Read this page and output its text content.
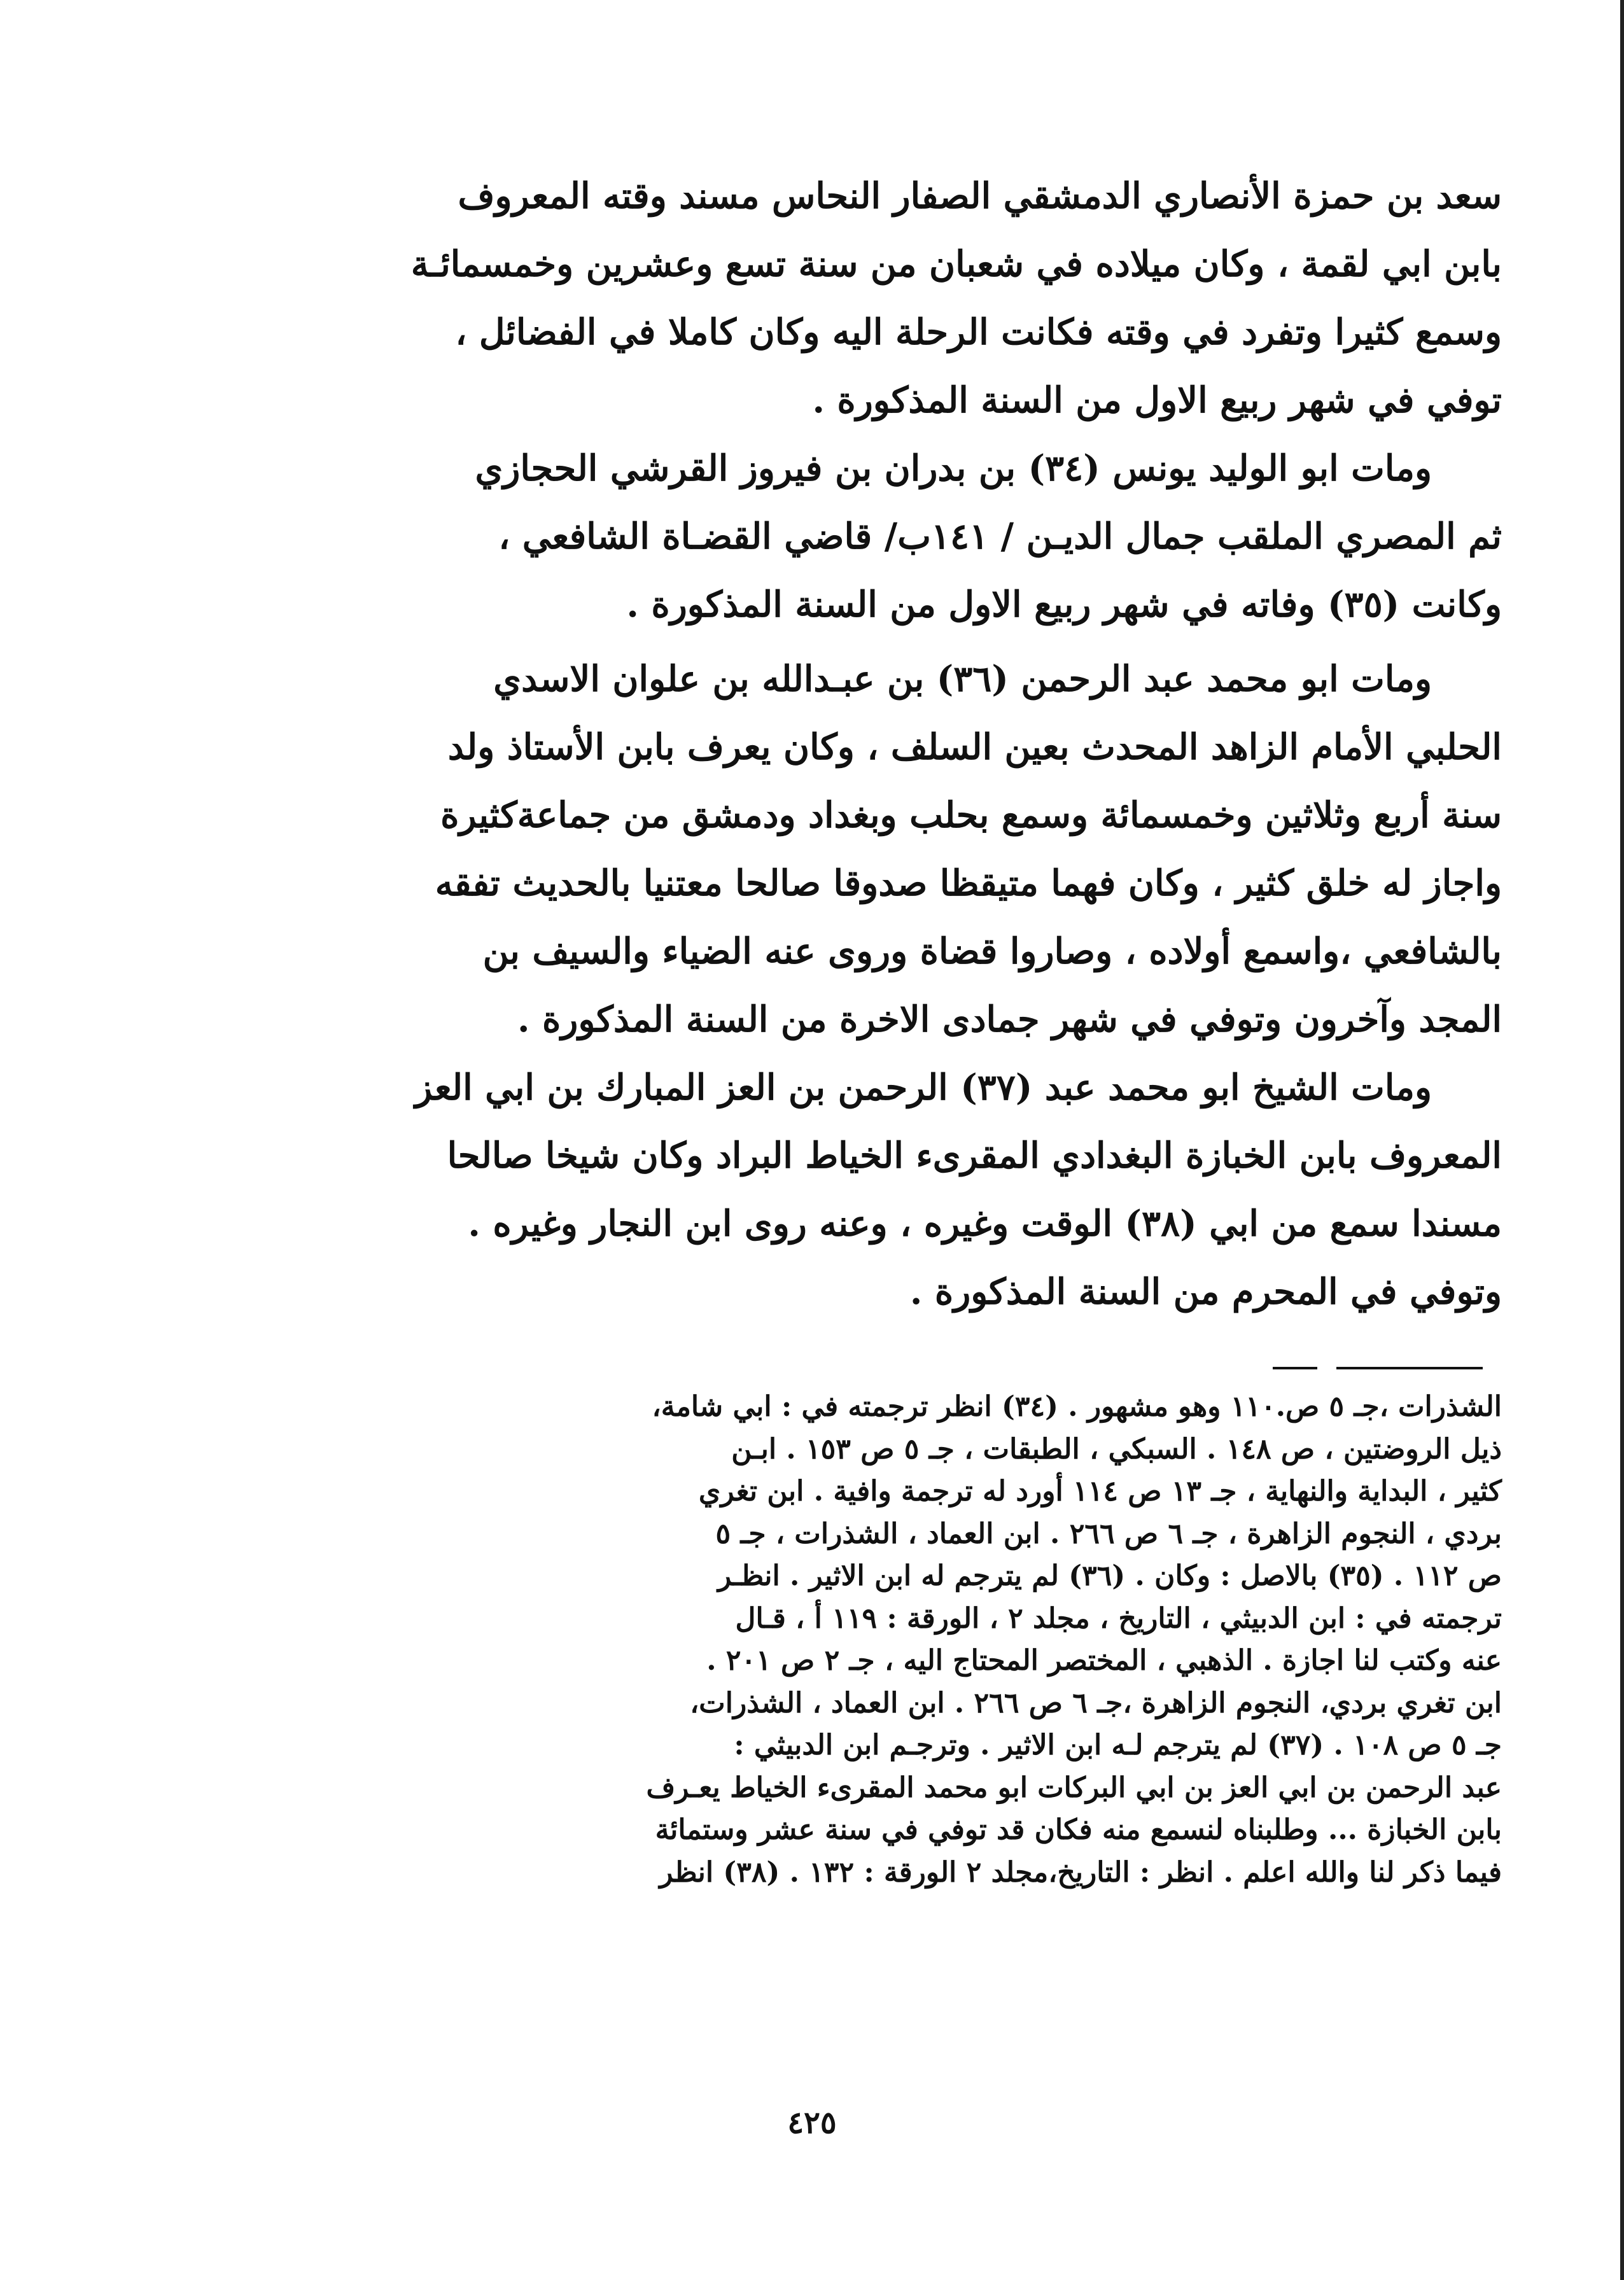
سعد بن حمزة الأنصاري الدمشقي الصفار النحاس مسند وقته المعروف
بابن ابي لقمة ، وكان ميلاده في شعبان من سنة تسع وعشرين وخمسمائـة
وسمع كثيرا وتفرد في وقته فكانت الرحلة اليه وكان كاملا في الفضائل ،
توفي في شهر ربيع الاول من السنة المذكورة .

ومات ابو الوليد يونس (٣٤) بن بدران بن فيروز القرشي الحجازي
ثم المصري الملقب جمال الديـن / ١٤١ب/ قاضي القضـاة الشافعي ،
وكانت (٣٥) وفاته في شهر ربيع الاول من السنة المذكورة .

ومات ابو محمد عبد الرحمن (٣٦) بن عبـدالله بن علوان الاسدي
الحلبي الأمام الزاهد المحدث بعين السلف ، وكان يعرف بابن الأستاذ ولد
سنة أربع وثلاثين وخمسمائة وسمع بحلب وبغداد ودمشق من جماعةكثيرة
واجاز له خلق كثير ، وكان فهما متيقظا صدوقا صالحا معتنيا بالحديث تفقه
بالشافعي ،واسمع أولاده ، وصاروا قضاة وروى عنه الضياء والسيف بن
المجد وآخرون وتوفي في شهر جمادى الاخرة من السنة المذكورة .

ومات الشيخ ابو محمد عبد (٣٧) الرحمن بن العز المبارك بن ابي العز
المعروف بابن الخبازة البغدادي المقرىء الخياط البراد وكان شيخا صالحا
مسندا سمع من ابي (٣٨) الوقت وغيره ، وعنه روى ابن النجار وغيره .
وتوفي في المحرم من السنة المذكورة .

الشذرات ،جـ ٥ ص.١١٠ وهو مشهور . (٣٤) انظر ترجمته في : ابي شامة،
ذيل الروضتين ، ص ١٤٨ . السبكي ، الطبقات ، جـ ٥ ص ١٥٣ . ابـن
كثير ، البداية والنهاية ، جـ ١٣ ص ١١٤ أورد له ترجمة وافية . ابن تغري
بردي ، النجوم الزاهرة ، جـ ٦ ص ٢٦٦ . ابن العماد ، الشذرات ، جـ ٥
ص ١١٢ . (٣٥) بالاصل : وكان . (٣٦) لم يترجم له ابن الاثير . انظـر
ترجمته في : ابن الدبيثي ، التاريخ ، مجلد ٢ ، الورقة : ١١٩ أ ، قـال
عنه وكتب لنا اجازة . الذهبي ، المختصر المحتاج اليه ، جـ ٢ ص ٢٠١ .
ابن تغري بردي، النجوم الزاهرة ،جـ ٦ ص ٢٦٦ . ابن العماد ، الشذرات،
جـ ٥ ص ١٠٨ . (٣٧) لم يترجم لـه ابن الاثير . وترجـم ابن الدبيثي :
عبد الرحمن بن ابي العز بن ابي البركات ابو محمد المقرىء الخياط يعـرف
بابن الخبازة ... وطلبناه لنسمع منه فكان قد توفي في سنة عشر وستمائة
فيما ذكر لنا والله اعلم . انظر : التاريخ،مجلد ٢ الورقة : ١٣٢ . (٣٨) انظر
٤٢٥
